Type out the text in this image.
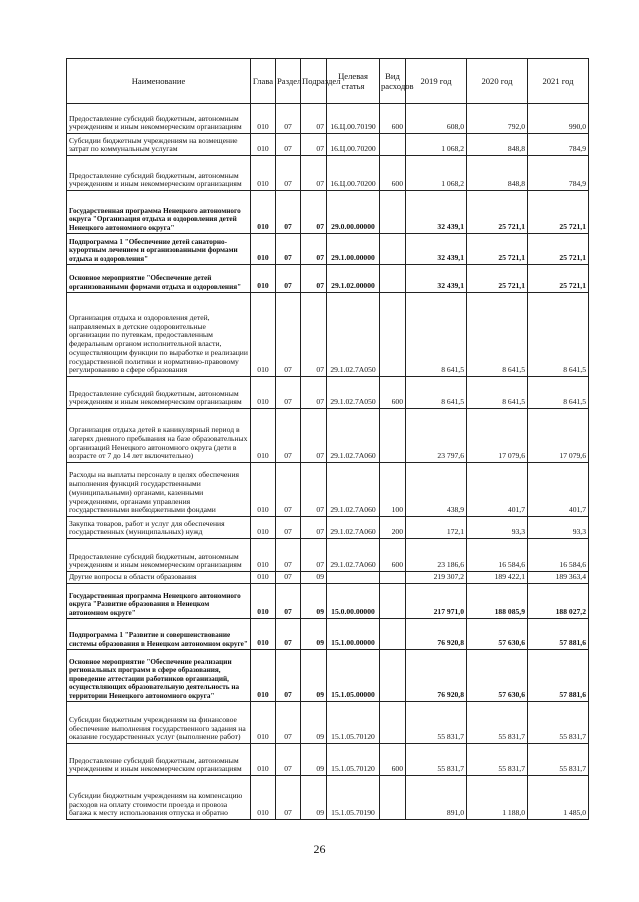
Наименование	Глава	Раздел	Подраздел	Целевая статья	Вид расходов	2019 год	2020 год	2021 год
Предоставление субсидий бюджетным, автономным учреждениям и иным некоммерческим организациям	010	07	07	16.Ц.00.70190	600	608,0	792,0	990,0
Субсидии бюджетным учреждениям на возмещение затрат по коммунальным услугам	010	07	07	16.Ц.00.70200		1 068,2	848,8	784,9
Предоставление субсидий бюджетным, автономным учреждениям и иным некоммерческим организациям	010	07	07	16.Ц.00.70200	600	1 068,2	848,8	784,9
Государственная программа Ненецкого автономного округа "Организация отдыха и оздоровления детей Ненецкого автономного округа"	010	07	07	29.0.00.00000		32 439,1	25 721,1	25 721,1
Подпрограмма 1 "Обеспечение детей санаторно-курортным лечением и организованными формами отдыха и оздоровления"	010	07	07	29.1.00.00000		32 439,1	25 721,1	25 721,1
Основное мероприятие "Обеспечение детей организованными формами отдыха и оздоровления"	010	07	07	29.1.02.00000		32 439,1	25 721,1	25 721,1
Организация отдыха и оздоровления детей, направляемых в детские оздоровительные организации по путевкам, предоставленным федеральным органом исполнительной власти, осуществляющим функции по выработке и реализации государственной политики и нормативно-правовому регулированию в сфере образования	010	07	07	29.1.02.7А050		8 641,5	8 641,5	8 641,5
Предоставление субсидий бюджетным, автономным учреждениям и иным некоммерческим организациям	010	07	07	29.1.02.7А050	600	8 641,5	8 641,5	8 641,5
Организация отдыха детей в каникулярный период в лагерях дневного пребывания на базе образовательных организаций Ненецкого автономного округа (дети в возрасте от 7 до 14 лет включительно)	010	07	07	29.1.02.7А060		23 797,6	17 079,6	17 079,6
Расходы на выплаты персоналу в целях обеспечения выполнения функций государственными (муниципальными) органами, казенными учреждениями, органами управления государственными внебюджетными фондами	010	07	07	29.1.02.7А060	100	438,9	401,7	401,7
Закупка товаров, работ и услуг для обеспечения государственных (муниципальных) нужд	010	07	07	29.1.02.7А060	200	172,1	93,3	93,3
Предоставление субсидий бюджетным, автономным учреждениям и иным некоммерческим организациям	010	07	07	29.1.02.7А060	600	23 186,6	16 584,6	16 584,6
Другие вопросы в области образования	010	07	09			219 307,2	189 422,1	189 363,4
Государственная программа Ненецкого автономного округа "Развитие образования в Ненецком автономном округе"	010	07	09	15.0.00.00000		217 971,0	188 085,9	188 027,2
Подпрограмма 1 "Развитие и совершенствование системы образования в Ненецком автономном округе"	010	07	09	15.1.00.00000		76 920,8	57 630,6	57 881,6
Основное мероприятие "Обеспечение реализации региональных программ в сфере образования, проведение аттестации работников организаций, осуществляющих образовательную деятельность на территории Ненецкого автономного округа"	010	07	09	15.1.05.00000		76 920,8	57 630,6	57 881,6
Субсидии бюджетным учреждениям на финансовое обеспечение выполнения государственного задания на оказание государственных услуг (выполнение работ)	010	07	09	15.1.05.70120		55 831,7	55 831,7	55 831,7
Предоставление субсидий бюджетным, автономным учреждениям и иным некоммерческим организациям	010	07	09	15.1.05.70120	600	55 831,7	55 831,7	55 831,7
Субсидии бюджетным учреждениям на компенсацию расходов на оплату стоимости проезда и провоза багажа к месту использования отпуска и обратно	010	07	09	15.1.05.70190		891,0	1 188,0	1 485,0
26
